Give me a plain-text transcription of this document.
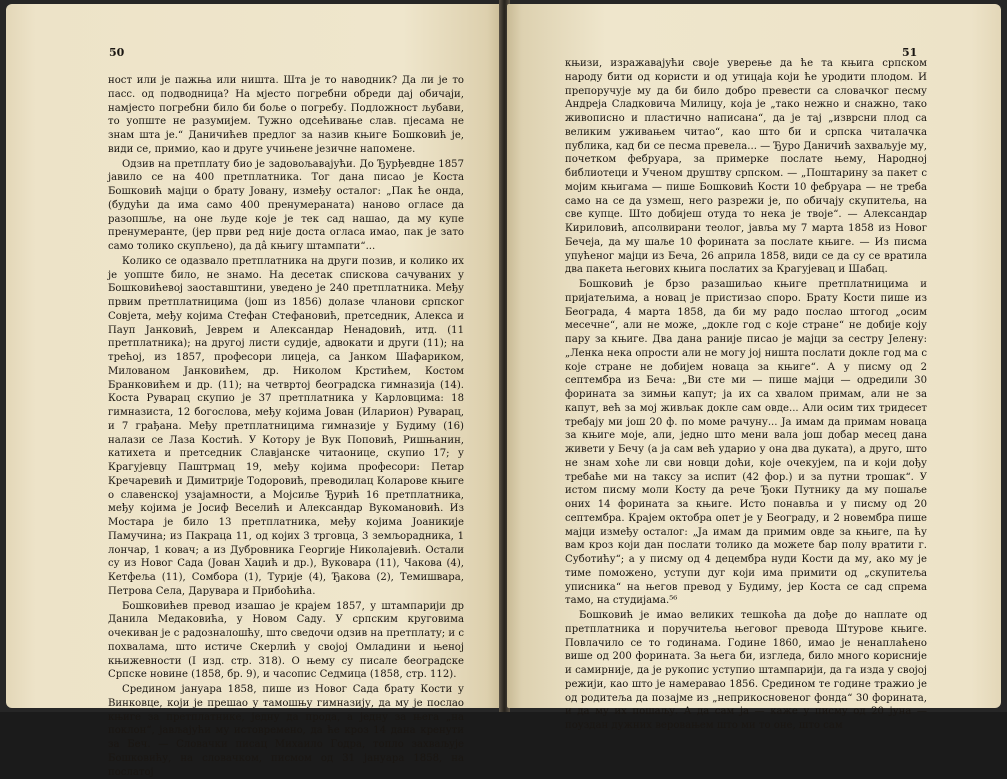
50

ност или је пажња или ништа. Шта је то наводник? Да ли је то пасс. од подводница? На мјесто погребни обреди дај обичаји, намјесто погребни било би боље о погребу. Подложност љубави, то уопште не разумијем. Тужно одсећивање слав. пјесама не знам шта је.“ Даничићев предлог за назив књиге Бошковић је, види се, примио, као и друге учињене језичне напомене.

Одзив на претплату био је задовољавајући. До Ђурђевдне 1857 јавило се на 400 претплатника. Тог дана писао је Коста Бошковић мајци о брату Јовану, између осталог: „Пак ће онда, (будући да има само 400 пренумераната) наново огласе да разопшље, на оне људе које је тек сад нашао, да му купе пренумеранте, (јер први ред није доста огласа имао, пак је зато само толико скупљено), да дâ књигу штампати“...

Колико се одазвало претплатника на други позив, и колико их је уопште било, не знамо. На десетак спискова сачуваних у Бошковићевој заоставштини, уведено је 240 претплатника. Међу првим претплатницима (још из 1856) долазе чланови српског Совјета, међу којима Стефан Стефановић, претседник, Алекса и Пауп Јанковић, Јеврем и Александар Ненадовић, итд. (11 претплатника); на другој листи судије, адвокати и други (11); на трећој, из 1857, професори лицеја, са Јанком Шафариком, Милованом Јанковићем, др. Николом Крстићем, Костом Бранковићем и др. (11); на четвртој београдска гимназија (14). Коста Руварац скупио је 37 претплатника у Карловцима: 18 гимназиста, 12 богослова, међу којима Јован (Иларион) Руварац, и 7 грађана. Међу претплатницима гимназије у Будиму (16) налази се Лаза Костић. У Котору је Вук Поповић, Ришњанин, катихета и претседник Славјанске читаонице, скупио 17; у Крагујевцу Паштрмац 19, међу којима професори: Петар Кречаревић и Димитрије Тодоровић, преводилац Коларове књиге о славенској узајамности, а Мојсиље Ђурић 16 претплатника, међу којима је Јосиф Веселић и Александар Вукомановић. Из Мостара је било 13 претплатника, међу којима Јоаникије Памучина; из Пакраца 11, од којих 3 трговца, 3 земљорадника, 1 лончар, 1 ковач; а из Дубровника Георгије Николајевић. Остали су из Новог Сада (Јован Хаџић и др.), Вуковара (11), Чакова (4), Кетфеља (11), Сомбора (1), Турије (4), Ђакова (2), Темишвара, Петрова Села, Дарувара и Прибоћића.

Бошковићев превод изашао је крајем 1857, у штампарији др Данила Медаковића, у Новом Саду. У српским круговима очекиван је с радозналошћу, што сведочи одзив на претплату; и с похвалама, што истиче Скерлић у својој Омладини и њеној књижевности (I изд. стр. 318). О њему су писале београдске Српске новине (1858, бр. 9), и часопис Седмица (1858, стр. 112).

Средином јануара 1858, пише из Новог Сада брату Кости у Винковце, који је прешао у тамошњу гимназију, да му је послао књиге за претплатнике, једну да прода, а једну за њега „на поклон“, јављајући му истовремено, да ће кроз 14 дана кренути за Беч. — Словачки писац Михаило Годра, топло захваљује Бошковићу, на словачком, писмом од 31 јануара 1858, на послатој

51

књизи, изражавајући своје уверење да ће та књига српском народу бити од користи и од утицаја који ће уродити плодом. И препоручује му да би било добро превести са словачког песму Андреја Сладковича Милицу, која је „тако нежно и снажно, тако живописно и пластично написана“, да је тај „изврсни плод са великим уживањем читао“, као што би и српска читалачка публика, кад би се песма превела... — Ђуро Даничић захваљује му, почетком фебруара, за примерке послате њему, Народној библиотеци и Ученом друштву српском. — „Поштарину за пакет с мојим књигама — пише Бошковић Кости 10 фебруара — не треба само на се да узмеш, него разрежи је, по обичају скупитеља, на све купце. Што добијеш отуда то нека је твоје“. — Александар Кириловић, апсолвирани теолог, јавља му 7 марта 1858 из Новог Бечеја, да му шаље 10 форината за послате књиге. — Из писма упућеног мајци из Беча, 26 априла 1858, види се да су се вратила два пакета његових књига послатих за Крагујевац и Шабац.

Бошковић је брзо разашиљао књиге претплатницима и пријатељима, а новац је пристизао споро. Брату Кости пише из Београда, 4 марта 1858, да би му радо послао штогод „осим месечне“, али не може, „докле год с које стране“ не добије коју пару за књиге. Два дана раније писао је мајци за сестру Јелену: „Ленка нека опрости али не могу јој ништа послати докле год ма с које стране не добијем новаца за књиге“. А у писму од 2 септембра из Беча: „Ви сте ми — пише мајци — одредили 30 форината за зимњи капут; ја их са хвалом примам, али не за капут, већ за мој живљак докле сам овде... Али осим тих тридесет требају ми још 20 ф. по моме рачуну... Ја имам да примам новаца за књиге моје, али, једно што мени вала још добар месец дана живети у Бечу (а ја сам већ ударио у она два дуката), а друго, што не знам хоће ли сви новци доћи, које очекујем, па и који дођу требаће ми на таксу за испит (42 фор.) и за путни трошак“. У истом писму моли Косту да рече Ђоки Путнику да му пошаље оних 14 форината за књиге. Исто понавља и у писму од 20 септембра. Крајем октобра опет је у Београду, и 2 новембра пише мајци између осталог: „Ја имам да примим овде за књиге, па ћу вам кроз који дан послати толико да можете бар полу вратити г. Суботићу“; а у писму од 4 децембра нуди Кости да му, ако му је тиме поможено, уступи дуг који има примити од „скупитеља уписника“ на његов превод у Будиму, јер Коста се сад спрема тамо, на студијама.⁵⁶

Бошковић је имао великих тешкоћа да дође до наплате од претплатника и поручитеља његовог превода Штурове књиге. Повлачило се то годинама. Године 1860, имао је ненаплаћено више од 200 форината. За њега би, изгледа, било много корисније и самирније, да је рукопис уступио штампарији, да га изда у својој режији, као што је намеравао 1856. Средином те године тражио је од родитеља да позајме из „неприкосновеног фонда“ 30 форината, и да му их пошаљу. А да сам ја — каже у писму од 20 јуна — поуздан дужних веровањем што ми то оне, што сам
